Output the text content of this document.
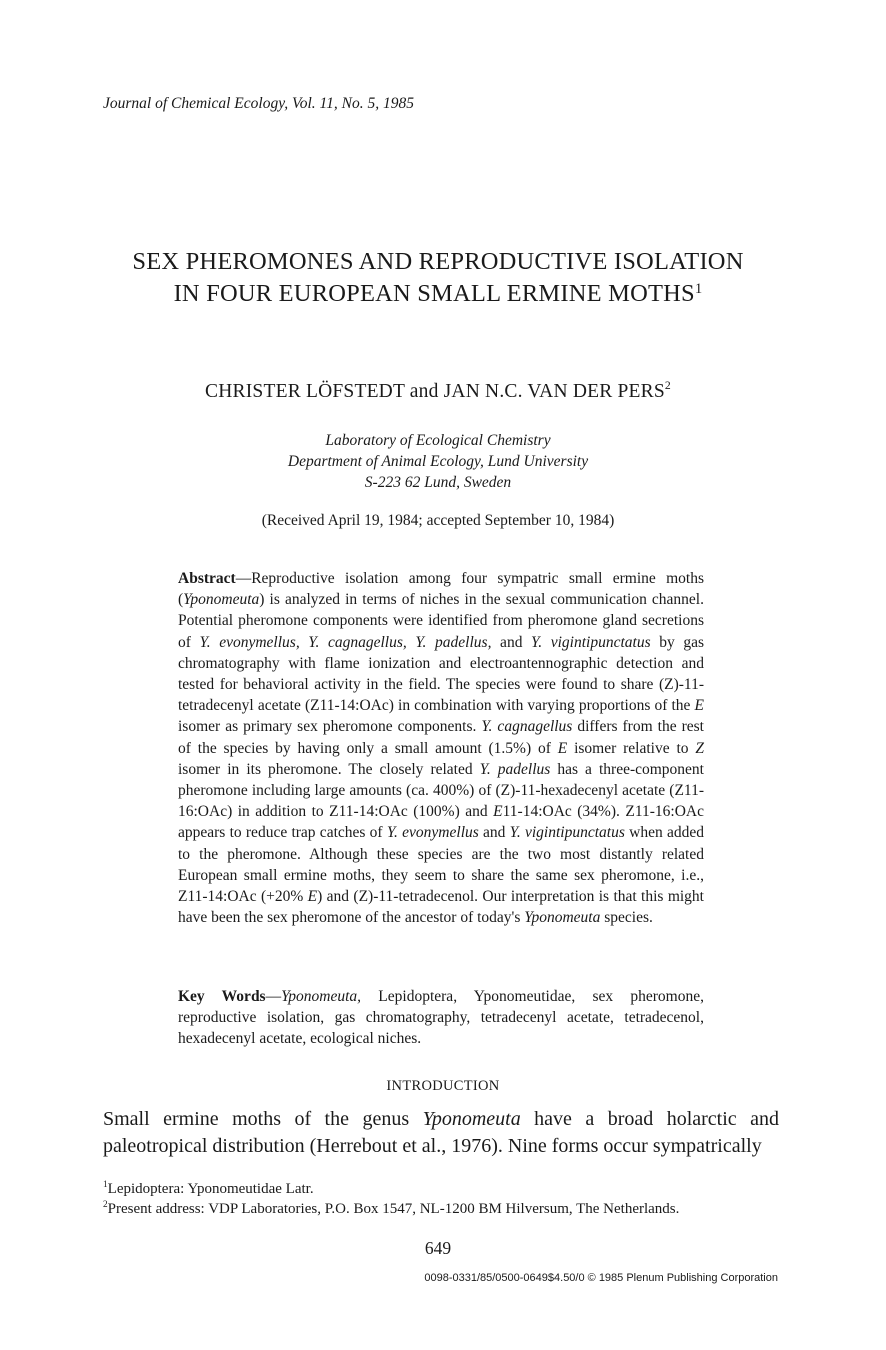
Journal of Chemical Ecology, Vol. 11, No. 5, 1985
SEX PHEROMONES AND REPRODUCTIVE ISOLATION
IN FOUR EUROPEAN SMALL ERMINE MOTHS$^1$
CHRISTER LÖFSTEDT and JAN N.C. VAN DER PERS$^2$
Laboratory of Ecological Chemistry
Department of Animal Ecology, Lund University
S-223 62 Lund, Sweden
(Received April 19, 1984; accepted September 10, 1984)
Abstract—Reproductive isolation among four sympatric small ermine moths (Yponomeuta) is analyzed in terms of niches in the sexual communication channel. Potential pheromone components were identified from pheromone gland secretions of Y. evonymellus, Y. cagnagellus, Y. padellus, and Y. vigintipunctatus by gas chromatography with flame ionization and electroantennographic detection and tested for behavioral activity in the field. The species were found to share (Z)-11-tetradecenyl acetate (Z11-14:OAc) in combination with varying proportions of the E isomer as primary sex pheromone components. Y. cagnagellus differs from the rest of the species by having only a small amount (1.5%) of E isomer relative to Z isomer in its pheromone. The closely related Y. padellus has a three-component pheromone including large amounts (ca. 400%) of (Z)-11-hexadecenyl acetate (Z11-16:OAc) in addition to Z11-14:OAc (100%) and E11-14:OAc (34%). Z11-16:OAc appears to reduce trap catches of Y. evonymellus and Y. vigintipunctatus when added to the pheromone. Although these species are the two most distantly related European small ermine moths, they seem to share the same sex pheromone, i.e., Z11-14:OAc (+20% E) and (Z)-11-tetradecenol. Our interpretation is that this might have been the sex pheromone of the ancestor of today's Yponomeuta species.
Key Words—Yponomeuta, Lepidoptera, Yponomeutidae, sex pheromone, reproductive isolation, gas chromatography, tetradecenyl acetate, tetradecenol, hexadecenyl acetate, ecological niches.
INTRODUCTION
Small ermine moths of the genus Yponomeuta have a broad holarctic and paleotropical distribution (Herrebout et al., 1976). Nine forms occur sympatrically
$^1$Lepidoptera: Yponomeutidae Latr.
$^2$Present address: VDP Laboratories, P.O. Box 1547, NL-1200 BM Hilversum, The Netherlands.
649
0098-0331/85/0500-0649$4.50/0 © 1985 Plenum Publishing Corporation
